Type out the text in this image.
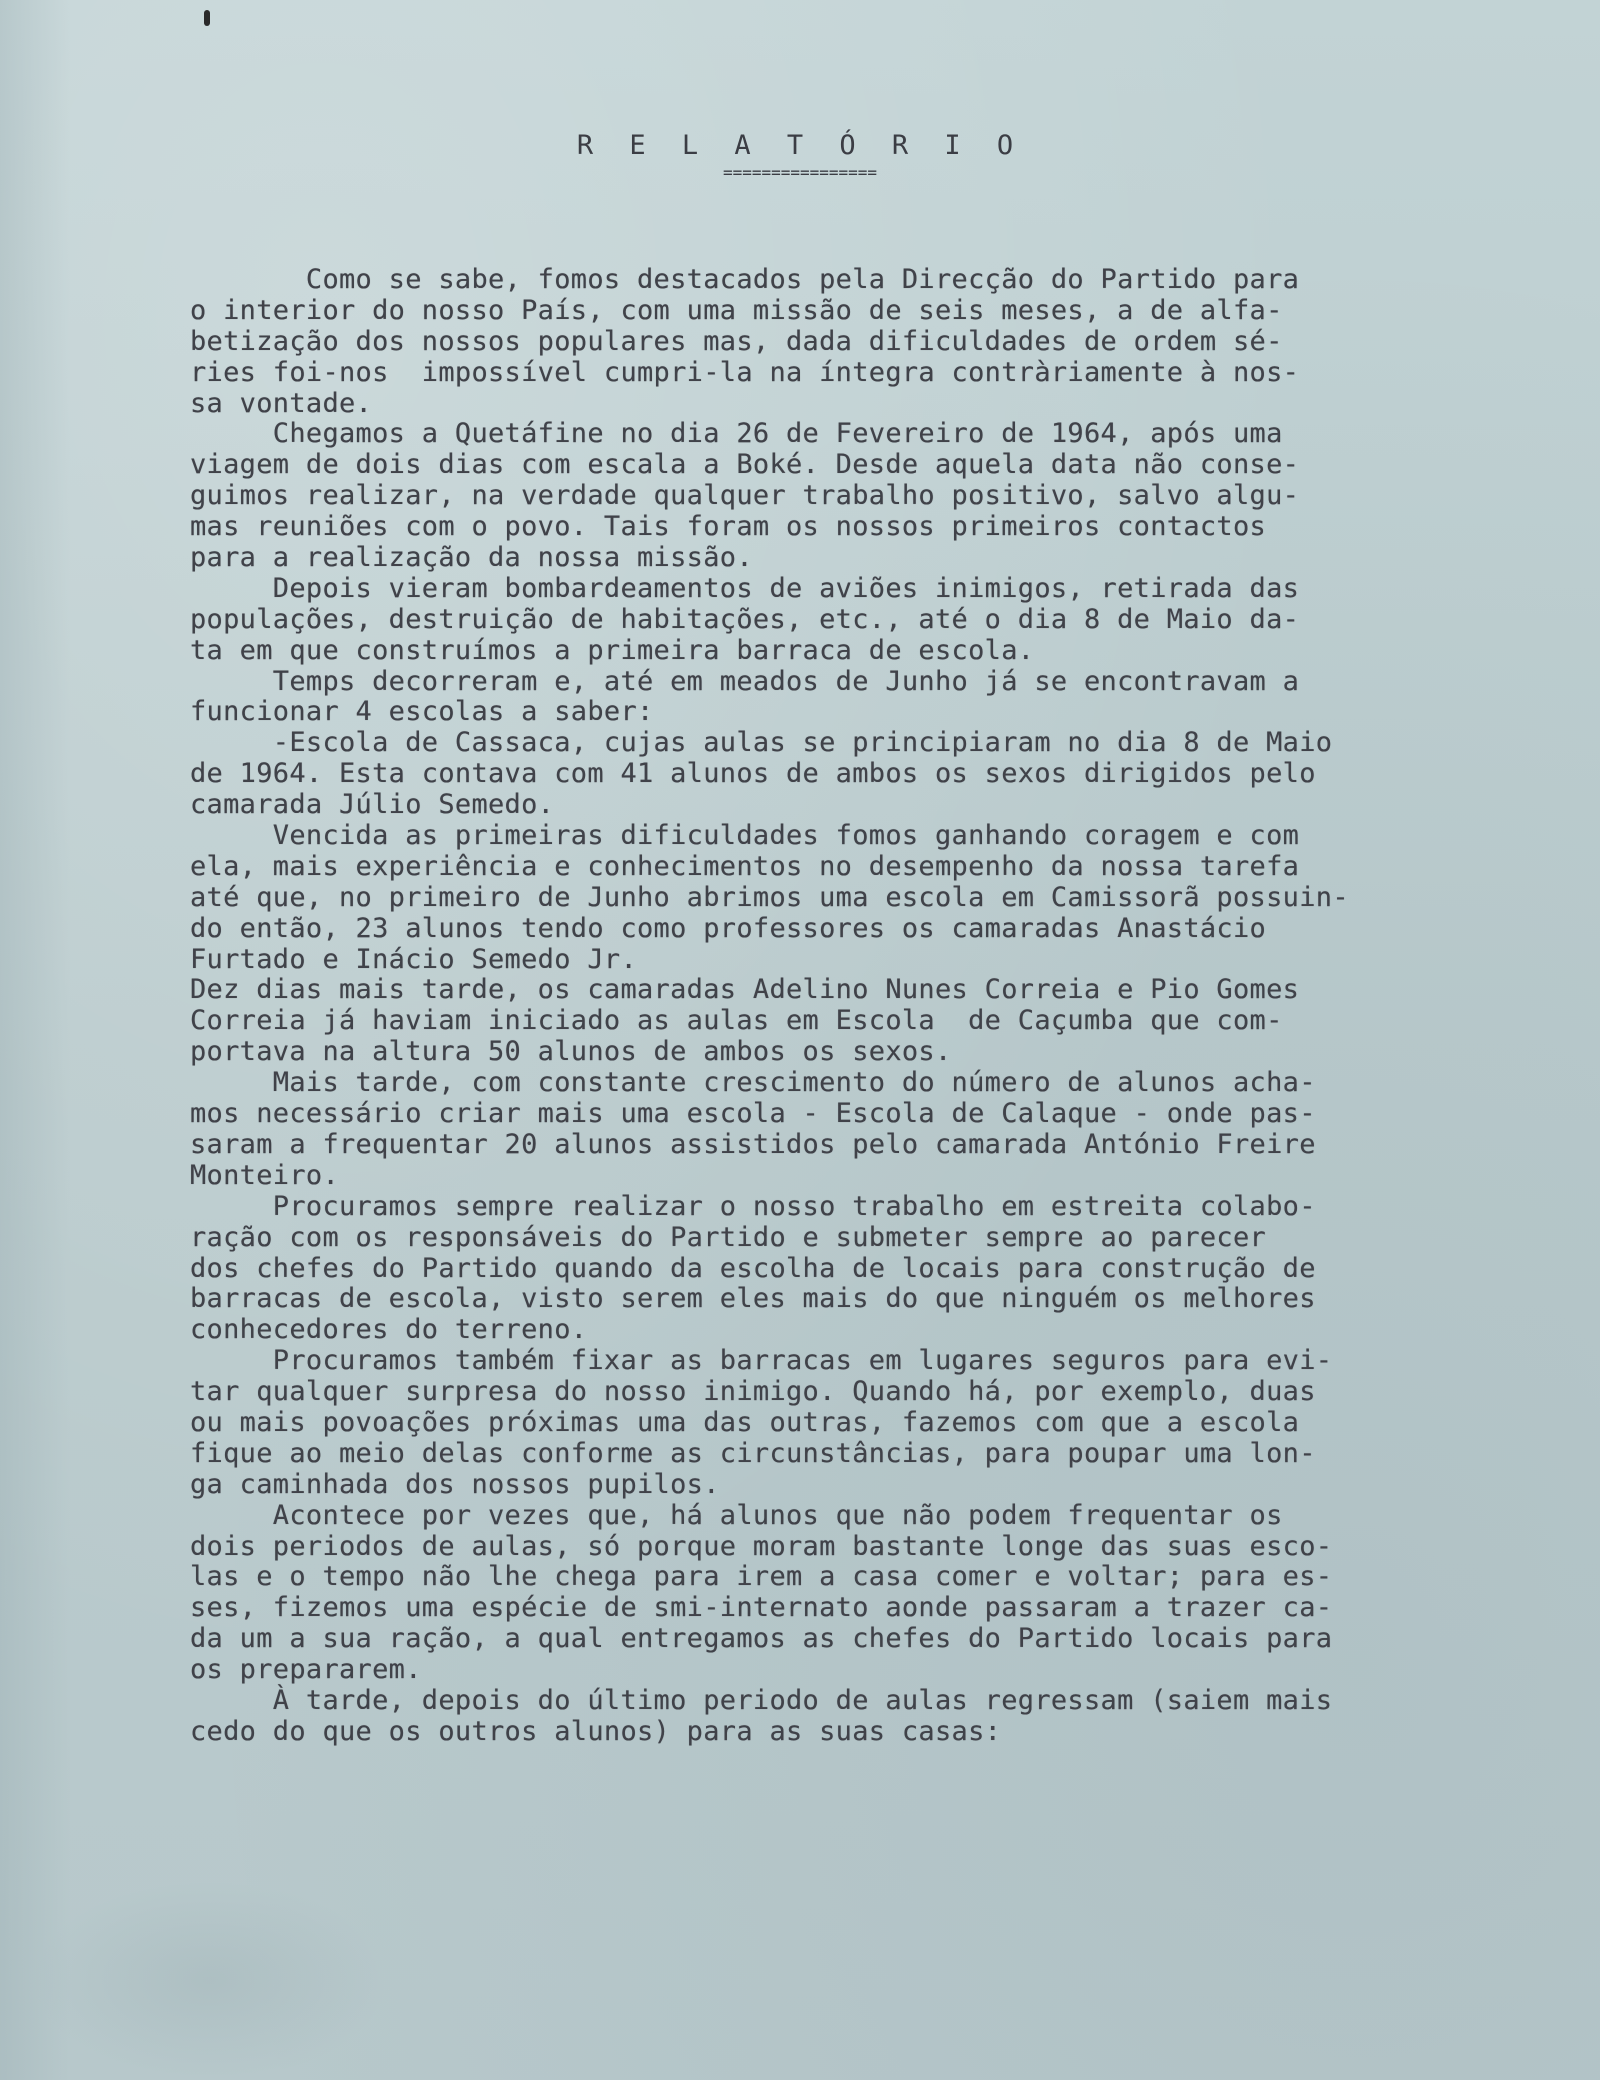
R E L A T Ó R I O
================
Como se sabe, fomos destacados pela Direcção do Partido para
o interior do nosso País, com uma missão de seis meses, a de alfa-
betização dos nossos populares mas, dada dificuldades de ordem sé-
ries foi-nos  impossível cumpri-la na íntegra contràriamente à nos-
sa vontade.
Chegamos a Quetáfine no dia 26 de Fevereiro de 1964, após uma
viagem de dois dias com escala a Boké. Desde aquela data não conse-
guimos realizar, na verdade qualquer trabalho positivo, salvo algu-
mas reuniões com o povo. Tais foram os nossos primeiros contactos
para a realização da nossa missão.
Depois vieram bombardeamentos de aviões inimigos, retirada das
populações, destruição de habitações, etc., até o dia 8 de Maio da-
ta em que construímos a primeira barraca de escola.
Temps decorreram e, até em meados de Junho já se encontravam a
funcionar 4 escolas a saber:
-Escola de Cassaca, cujas aulas se principiaram no dia 8 de Maio
de 1964. Esta contava com 41 alunos de ambos os sexos dirigidos pelo
camarada Júlio Semedo.
Vencida as primeiras dificuldades fomos ganhando coragem e com
ela, mais experiência e conhecimentos no desempenho da nossa tarefa
até que, no primeiro de Junho abrimos uma escola em Camissorã possuin-
do então, 23 alunos tendo como professores os camaradas Anastácio
Furtado e Inácio Semedo Jr.
Dez dias mais tarde, os camaradas Adelino Nunes Correia e Pio Gomes
Correia já haviam iniciado as aulas em Escola  de Caçumba que com-
portava na altura 50 alunos de ambos os sexos.
Mais tarde, com constante crescimento do número de alunos acha-
mos necessário criar mais uma escola - Escola de Calaque - onde pas-
saram a frequentar 20 alunos assistidos pelo camarada António Freire
Monteiro.
Procuramos sempre realizar o nosso trabalho em estreita colabo-
ração com os responsáveis do Partido e submeter sempre ao parecer
dos chefes do Partido quando da escolha de locais para construção de
barracas de escola, visto serem eles mais do que ninguém os melhores
conhecedores do terreno.
Procuramos também fixar as barracas em lugares seguros para evi-
tar qualquer surpresa do nosso inimigo. Quando há, por exemplo, duas
ou mais povoações próximas uma das outras, fazemos com que a escola
fique ao meio delas conforme as circunstâncias, para poupar uma lon-
ga caminhada dos nossos pupilos.
Acontece por vezes que, há alunos que não podem frequentar os
dois periodos de aulas, só porque moram bastante longe das suas esco-
las e o tempo não lhe chega para irem a casa comer e voltar; para es-
ses, fizemos uma espécie de smi-internato aonde passaram a trazer ca-
da um a sua ração, a qual entregamos as chefes do Partido locais para
os prepararem.
À tarde, depois do último periodo de aulas regressam (saiem mais
cedo do que os outros alunos) para as suas casas:
